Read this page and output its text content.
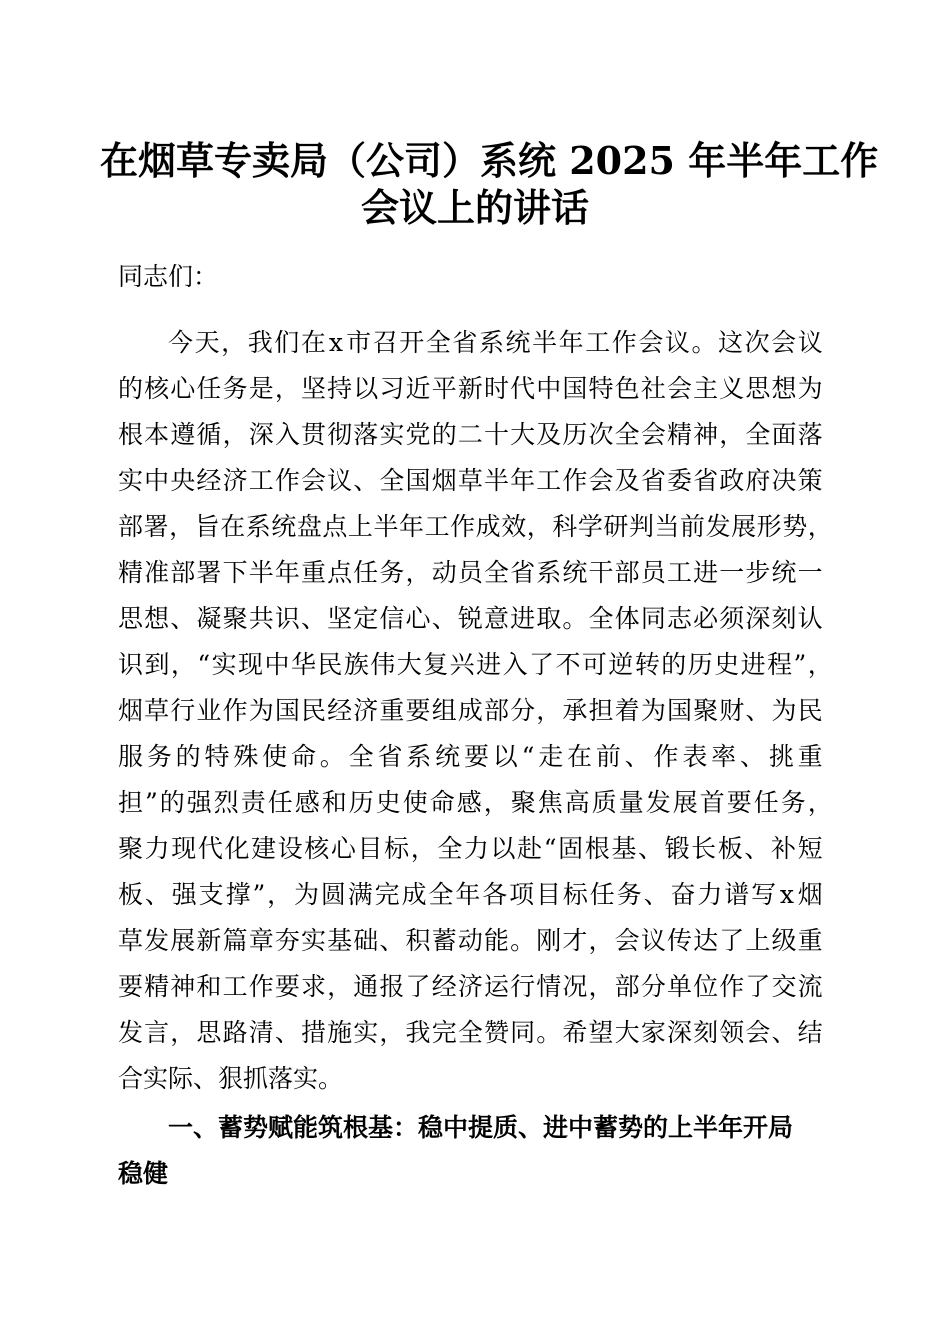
在烟草专卖局（公司）系统 2025 年半年工作
会议上的讲话

同志们：

今 天 ， 我 们 在 x 市 召 开 全 省 系 统 半 年 工 作 会 议 。 这 次 会 议

的 核 心 任 务 是 ， 坚 持 以 习 近 平 新 时 代 中 国 特 色 社 会 主 义 思 想 为

根 本 遵 循 ， 深 入 贯 彻 落 实 党 的 二 十 大 及 历 次 全 会 精 神 ， 全 面 落

实 中 央 经 济 工 作 会 议 、 全 国 烟 草 半 年 工 作 会 及 省 委 省 政 府 决 策

部 署 ， 旨 在 系 统 盘 点 上 半 年 工 作 成 效 ， 科 学 研 判 当 前 发 展 形 势 ，

精 准 部 署 下 半 年 重 点 任 务 ， 动 员 全 省 系 统 干 部 员 工 进 一 步 统 一

思 想 、 凝 聚 共 识 、 坚 定 信 心 、 锐 意 进 取 。 全 体 同 志 必 须 深 刻 认

识 到 ， “ 实 现 中 华 民 族 伟 大 复 兴 进 入 了 不 可 逆 转 的 历 史 进 程 ” ，

烟 草 行 业 作 为 国 民 经 济 重 要 组 成 部 分 ， 承 担 着 为 国 聚 财 、 为 民

服 务 的 特 殊 使 命 。 全 省 系 统 要 以 “ 走 在 前 、 作 表 率 、 挑 重

担 ” 的 强 烈 责 任 感 和 历 史 使 命 感 ， 聚 焦 高 质 量 发 展 首 要 任 务 ，

聚 力 现 代 化 建 设 核 心 目 标 ， 全 力 以 赴 “ 固 根 基 、 锻 长 板 、 补 短

板 、 强 支 撑 ” ， 为 圆 满 完 成 全 年 各 项 目 标 任 务 、 奋 力 谱 写 x 烟

草 发 展 新 篇 章 夯 实 基 础 、 积 蓄 动 能 。 刚 才 ， 会 议 传 达 了 上 级 重

要 精 神 和 工 作 要 求 ， 通 报 了 经 济 运 行 情 况 ， 部 分 单 位 作 了 交 流

发 言 ， 思 路 清 、 措 施 实 ， 我 完 全 赞 同 。 希 望 大 家 深 刻 领 会 、 结

合实际、狠抓落实。

一、蓄势赋能筑根基：稳中提质、进中蓄势的上半年开局

稳健
